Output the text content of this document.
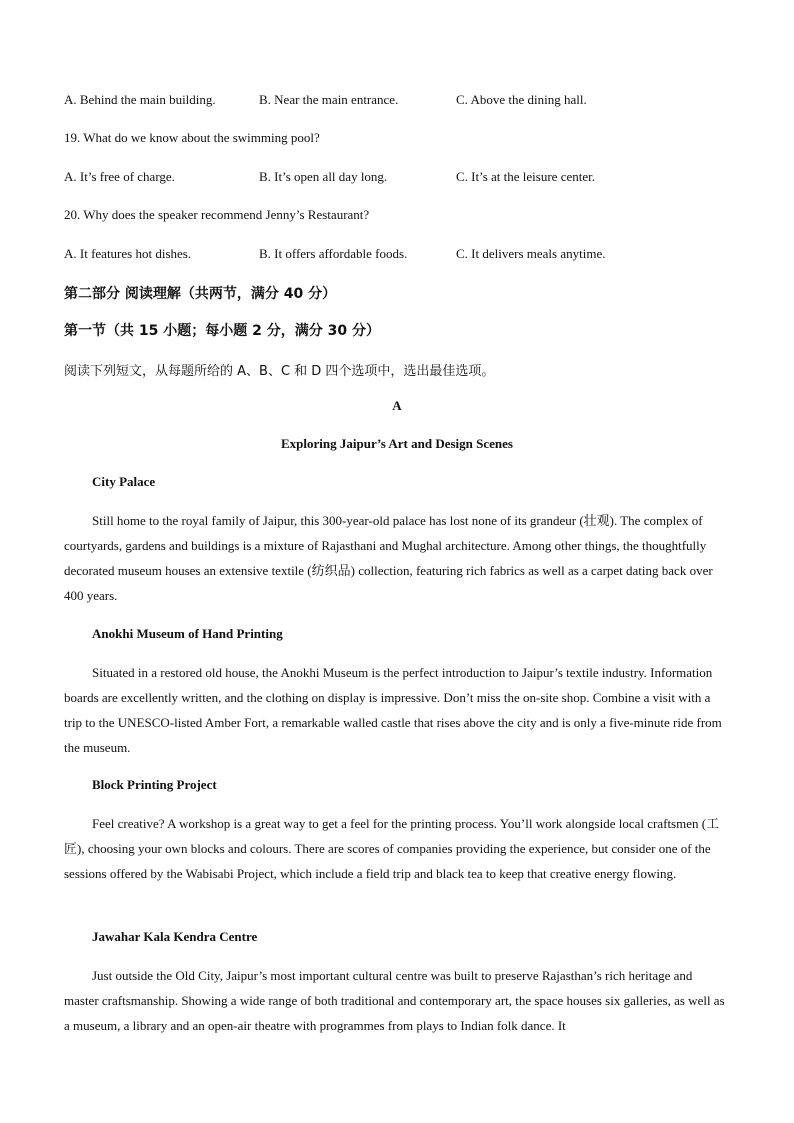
A. Behind the main building.	B. Near the main entrance.	C. Above the dining hall.
19. What do we know about the swimming pool?
A. It’s free of charge.	B. It’s open all day long.	C. It’s at the leisure center.
20. Why does the speaker recommend Jenny’s Restaurant?
A. It features hot dishes.	B. It offers affordable foods.	C. It delivers meals anytime.
第二部分 阅读理解（共两节，满分 40 分）
第一节（共 15 小题；每小题 2 分，满分 30 分）
阅读下列短文，从每题所给的 A、B、C 和 D 四个选项中，选出最佳选项。
A
Exploring Jaipur’s Art and Design Scenes
City Palace
Still home to the royal family of Jaipur, this 300-year-old palace has lost none of its grandeur (壮观). The complex of courtyards, gardens and buildings is a mixture of Rajasthani and Mughal architecture. Among other things, the thoughtfully decorated museum houses an extensive textile (纺织品) collection, featuring rich fabrics as well as a carpet dating back over 400 years.
Anokhi Museum of Hand Printing
Situated in a restored old house, the Anokhi Museum is the perfect introduction to Jaipur’s textile industry. Information boards are excellently written, and the clothing on display is impressive. Don’t miss the on-site shop. Combine a visit with a trip to the UNESCO-listed Amber Fort, a remarkable walled castle that rises above the city and is only a five-minute ride from the museum.
Block Printing Project
Feel creative? A workshop is a great way to get a feel for the printing process. You’ll work alongside local craftsmen (工匠), choosing your own blocks and colours. There are scores of companies providing the experience, but consider one of the sessions offered by the Wabisabi Project, which include a field trip and black tea to keep that creative energy flowing.
Jawahar Kala Kendra Centre
Just outside the Old City, Jaipur’s most important cultural centre was built to preserve Rajasthan’s rich heritage and master craftsmanship. Showing a wide range of both traditional and contemporary art, the space houses six galleries, as well as a museum, a library and an open-air theatre with programmes from plays to Indian folk dance. It
